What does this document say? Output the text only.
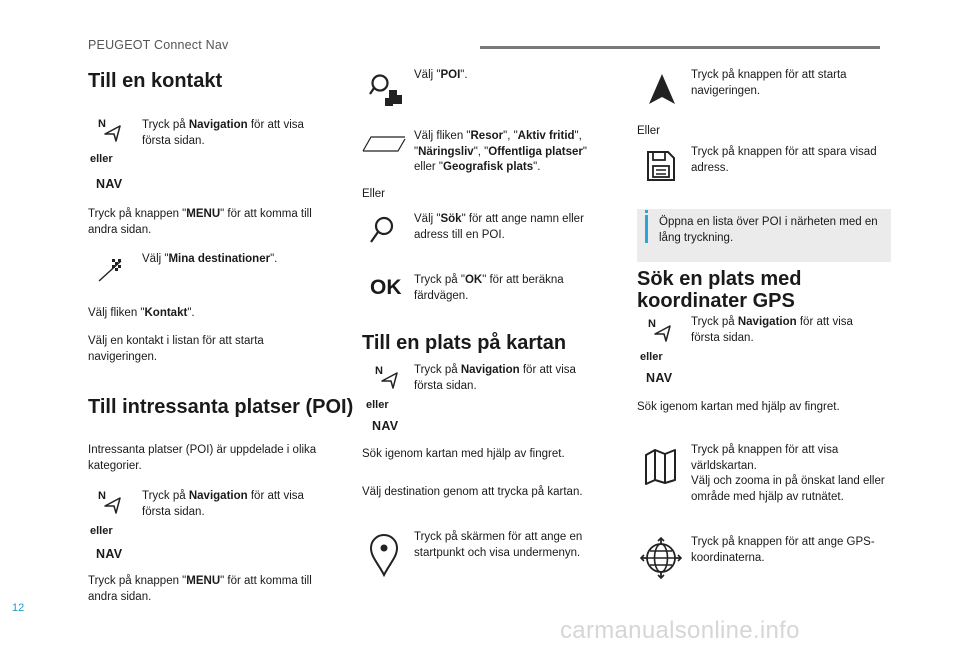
PEUGEOT Connect Nav
Till en kontakt
N
eller
NAV

Tryck på Navigation för att visa första sidan.

Tryck på knappen "MENU" för att komma till andra sidan.

Välj "Mina destinationer".

Välj fliken "Kontakt".

Välj en kontakt i listan för att starta navigeringen.

Till intressanta platser (POI)

Intressanta platser (POI) är uppdelade i olika kategorier.

N
eller
NAV

Tryck på Navigation för att visa första sidan.

Tryck på knappen "MENU" för att komma till andra sidan.

Välj "POI".

Välj fliken "Resor", "Aktiv fritid",
"Näringsliv", "Offentliga platser"
eller "Geografisk plats".

Eller

Välj "Sök" för att ange namn eller adress till en POI.

OK Tryck på "OK" för att beräkna färdvägen.

Till en plats på kartan
N
eller
NAV

Tryck på Navigation för att visa första sidan.

Sök igenom kartan med hjälp av fingret.

Välj destination genom att trycka på kartan.

Tryck på skärmen för att ange en startpunkt och visa undermenyn.

Tryck på knappen för att starta navigeringen.

Eller

Tryck på knappen för att spara visad adress.

Öppna en lista över POI i närheten med en lång tryckning.

Sök en plats med
koordinater GPS
N
eller
NAV

Tryck på Navigation för att visa första sidan.

Sök igenom kartan med hjälp av fingret.

Tryck på knappen för att visa världskartan.
Välj och zooma in på önskat land eller område med hjälp av rutnätet.

Tryck på knappen för att ange GPS-koordinaterna.

12
carmanualsonline.info
